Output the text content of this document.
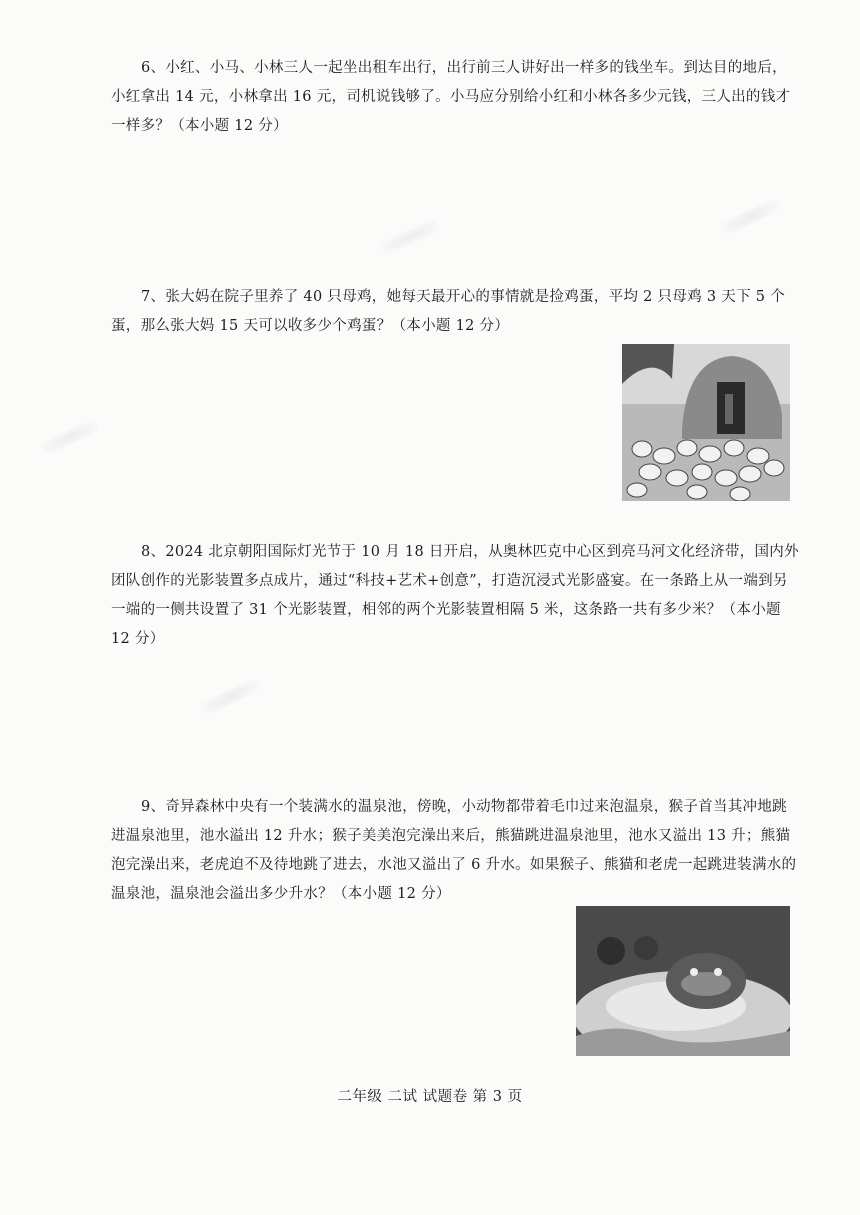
6、小红、小马、小林三人一起坐出租车出行，出行前三人讲好出一样多的钱坐车。到达目的地后，小红拿出 14 元，小林拿出 16 元，司机说钱够了。小马应分别给小红和小林各多少元钱，三人出的钱才一样多？（本小题 12 分）
7、张大妈在院子里养了 40 只母鸡，她每天最开心的事情就是捡鸡蛋，平均 2 只母鸡 3 天下 5 个蛋，那么张大妈 15 天可以收多少个鸡蛋？（本小题 12 分）
8、2024 北京朝阳国际灯光节于 10 月 18 日开启，从奥林匹克中心区到亮马河文化经济带，国内外团队创作的光影装置多点成片，通过“科技+艺术+创意”，打造沉浸式光影盛宴。在一条路上从一端到另一端的一侧共设置了 31 个光影装置，相邻的两个光影装置相隔 5 米，这条路一共有多少米？（本小题 12 分）
9、奇异森林中央有一个装满水的温泉池，傍晚，小动物都带着毛巾过来泡温泉，猴子首当其冲地跳进温泉池里，池水溢出 12 升水；猴子美美泡完澡出来后，熊猫跳进温泉池里，池水又溢出 13 升；熊猫泡完澡出来，老虎迫不及待地跳了进去，水池又溢出了 6 升水。如果猴子、熊猫和老虎一起跳进装满水的温泉池，温泉池会溢出多少升水？（本小题 12 分）
二年级 二试 试题卷 第 3 页
